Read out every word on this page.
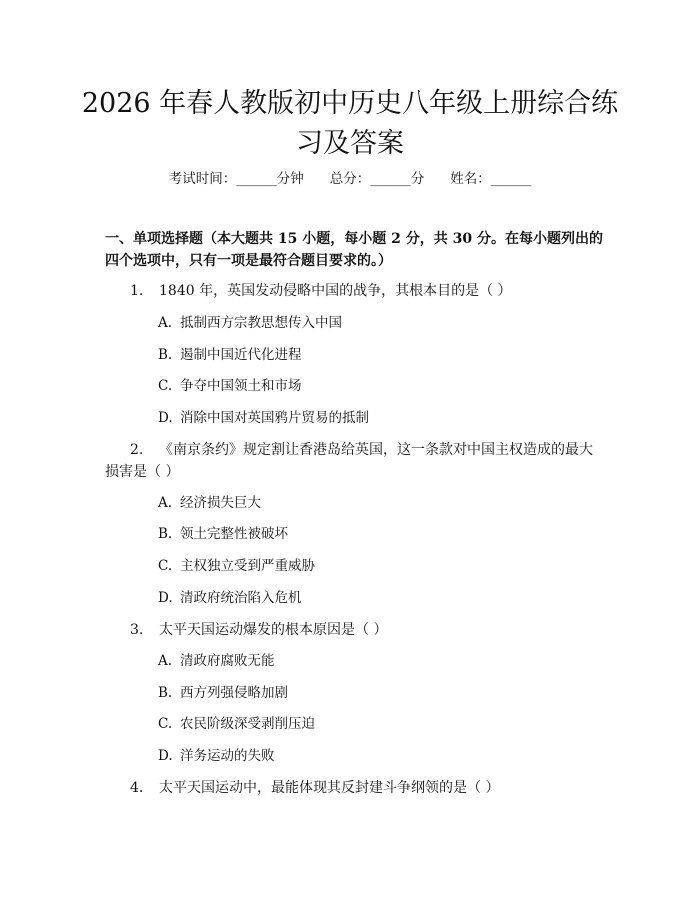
2026 年春人教版初中历史八年级上册综合练习及答案
考试时间：______分钟 总分：______分 姓名：______

一、单项选择题（本大题共 15 小题，每小题 2 分，共 30 分。在每小题列出的四个选项中，只有一项是最符合题目要求的。）

1. 1840 年，英国发动侵略中国的战争，其根本目的是（ ）

A. 抵制西方宗教思想传入中国
B. 遏制中国近代化进程
C. 争夺中国领土和市场
D. 消除中国对英国鸦片贸易的抵制

2. 《南京条约》规定割让香港岛给英国，这一条款对中国主权造成的最大损害是（ ）

A. 经济损失巨大
B. 领土完整性被破坏
C. 主权独立受到严重威胁
D. 清政府统治陷入危机

3. 太平天国运动爆发的根本原因是（ ）

A. 清政府腐败无能
B. 西方列强侵略加剧
C. 农民阶级深受剥削压迫
D. 洋务运动的失败

4. 太平天国运动中，最能体现其反封建斗争纲领的是（ ）
